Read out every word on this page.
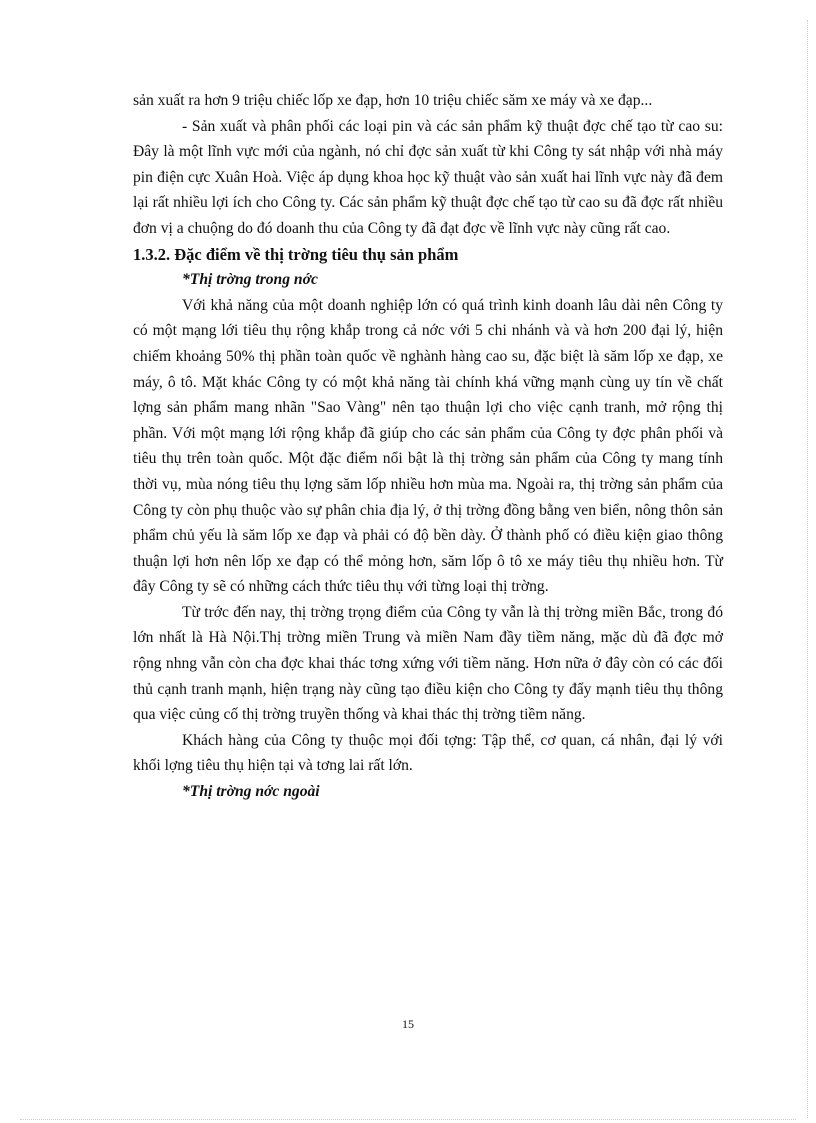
sản xuất ra hơn 9 triệu chiếc lốp xe đạp, hơn 10 triệu chiếc săm xe máy và xe đạp...

- Sản xuất và phân phối các loại pin và các sản phẩm kỹ thuật đợc chế tạo từ cao su: Đây là một lĩnh vực mới của ngành, nó chỉ đợc sản xuất từ khi Công ty sát nhập với nhà máy pin điện cực Xuân Hoà. Việc áp dụng khoa học kỹ thuật vào sản xuất hai lĩnh vực này đã đem lại rất nhiều lợi ích cho Công ty. Các sản phẩm kỹ thuật đợc chế tạo từ cao su đã đợc rất nhiều đơn vị a chuộng do đó doanh thu của Công ty đã đạt đợc về lĩnh vực này cũng rất cao.

1.3.2. Đặc điểm về thị trờng tiêu thụ sản phẩm

*Thị trờng trong nớc

Với khả năng của một doanh nghiệp lớn có quá trình kinh doanh lâu dài nên Công ty có một mạng lới tiêu thụ rộng khắp trong cả nớc với 5 chi nhánh và và hơn 200 đại lý, hiện chiếm khoảng 50% thị phần toàn quốc về nghành hàng cao su, đặc biệt là săm lốp xe đạp, xe máy, ô tô. Mặt khác Công ty có một khả năng tài chính khá vững mạnh cùng uy tín về chất lợng sản phẩm mang nhãn "Sao Vàng" nên tạo thuận lợi cho việc cạnh tranh, mở rộng thị phần. Với một mạng lới rộng khắp đã giúp cho các sản phẩm của Công ty đợc phân phối và tiêu thụ trên toàn quốc. Một đặc điểm nổi bật là thị trờng sản phẩm của Công ty mang tính thời vụ, mùa nóng tiêu thụ lợng săm lốp nhiều hơn mùa ma. Ngoài ra, thị trờng sản phẩm của Công ty còn phụ thuộc vào sự phân chia địa lý, ở thị trờng đồng bằng ven biển, nông thôn sản phẩm chủ yếu là săm lốp xe đạp và phải có độ bền dày. Ở thành phố có điều kiện giao thông thuận lợi hơn nên lốp xe đạp có thể mỏng hơn, săm lốp ô tô xe máy tiêu thụ nhiều hơn. Từ đây Công ty sẽ có những cách thức tiêu thụ với từng loại thị trờng.

Từ trớc đến nay, thị trờng trọng điểm của Công ty vẫn là thị trờng miền Bắc, trong đó lớn nhất là Hà Nội.Thị trờng miền Trung và miền Nam đầy tiềm năng, mặc dù đã đợc mở rộng nhng vẫn còn cha đợc khai thác tơng xứng với tiềm năng. Hơn nữa ở đây còn có các đối thủ cạnh tranh mạnh, hiện trạng này cũng tạo điều kiện cho Công ty đẩy mạnh tiêu thụ thông qua việc củng cố thị trờng truyền thống và khai thác thị trờng tiềm năng.

Khách hàng của Công ty thuộc mọi đối tợng: Tập thể, cơ quan, cá nhân, đại lý với khối lợng tiêu thụ hiện tại và tơng lai rất lớn.

*Thị trờng nớc ngoài

15
